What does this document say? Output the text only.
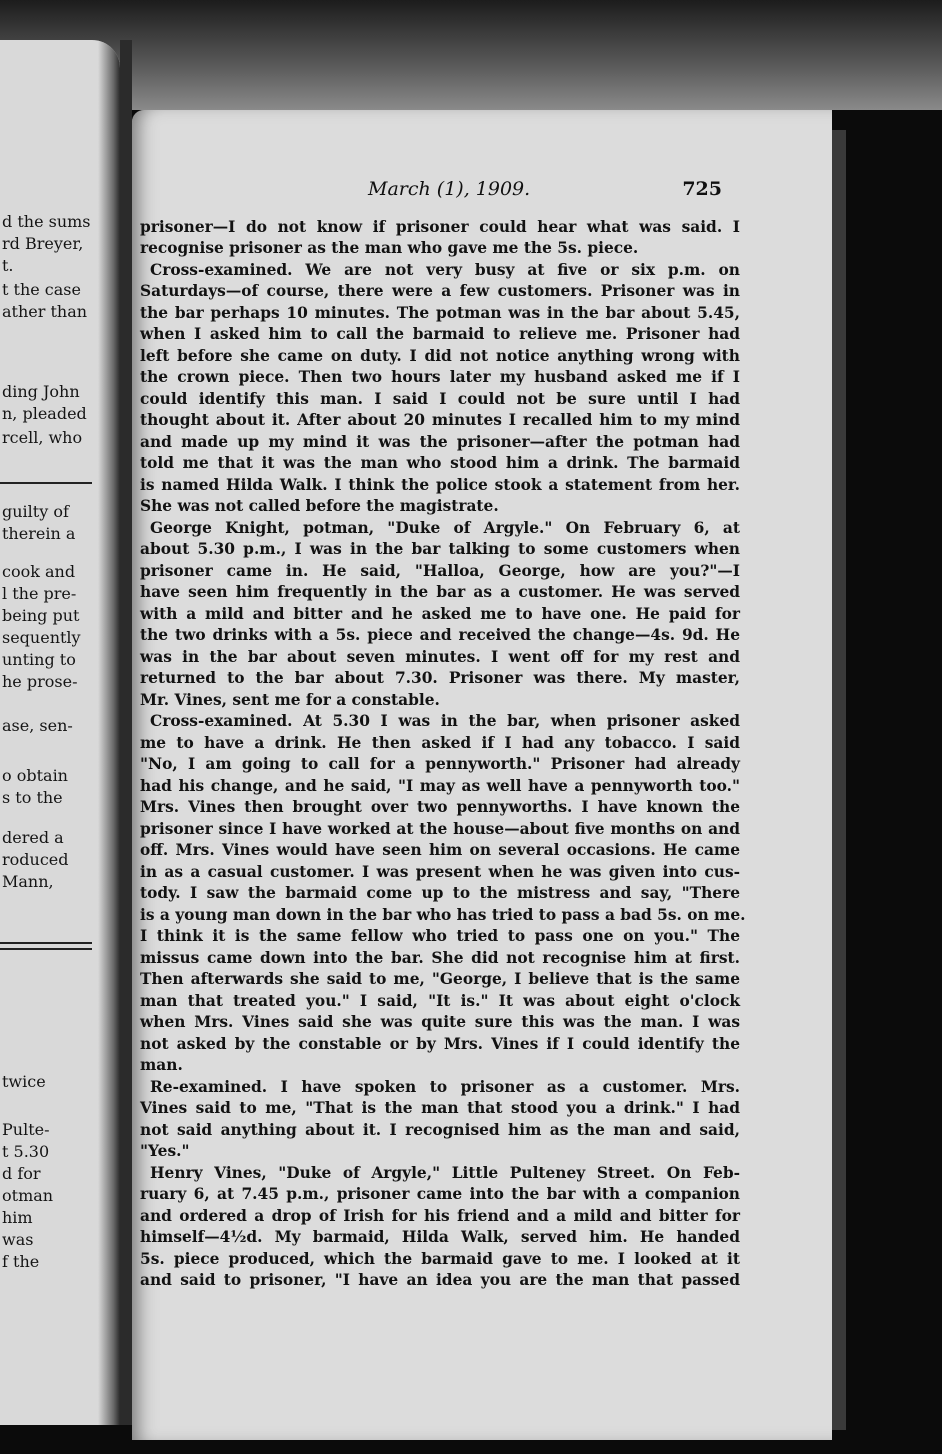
d the sums
rd Breyer,
t.
t the case
ather than
ding John
n, pleaded
rcell, who
guilty of
therein a
cook and
l the pre-
being put
sequently
unting to
he prose-
ase, sen-
o obtain
s to the
dered a
roduced
Mann,
twice
Pulte-
t 5.30
d for
otman
him
was
f the
March (1), 1909.	725
prisoner—I do not know if prisoner could hear what was said. I
recognise prisoner as the man who gave me the 5s. piece.
Cross-examined. We are not very busy at five or six p.m. on
Saturdays—of course, there were a few customers. Prisoner was in
the bar perhaps 10 minutes. The potman was in the bar about 5.45,
when I asked him to call the barmaid to relieve me. Prisoner had
left before she came on duty. I did not notice anything wrong with
the crown piece. Then two hours later my husband asked me if I
could identify this man. I said I could not be sure until I had
thought about it. After about 20 minutes I recalled him to my mind
and made up my mind it was the prisoner—after the potman had
told me that it was the man who stood him a drink. The barmaid
is named Hilda Walk. I think the police stook a statement from her.
She was not called before the magistrate.
George Knight, potman, "Duke of Argyle." On February 6, at
about 5.30 p.m., I was in the bar talking to some customers when
prisoner came in. He said, "Halloa, George, how are you?"—I
have seen him frequently in the bar as a customer. He was served
with a mild and bitter and he asked me to have one. He paid for
the two drinks with a 5s. piece and received the change—4s. 9d. He
was in the bar about seven minutes. I went off for my rest and
returned to the bar about 7.30. Prisoner was there. My master,
Mr. Vines, sent me for a constable.
Cross-examined. At 5.30 I was in the bar, when prisoner asked
me to have a drink. He then asked if I had any tobacco. I said
"No, I am going to call for a pennyworth." Prisoner had already
had his change, and he said, "I may as well have a pennyworth too."
Mrs. Vines then brought over two pennyworths. I have known the
prisoner since I have worked at the house—about five months on and
off. Mrs. Vines would have seen him on several occasions. He came
in as a casual customer. I was present when he was given into cus-
tody. I saw the barmaid come up to the mistress and say, "There
is a young man down in the bar who has tried to pass a bad 5s. on me.
I think it is the same fellow who tried to pass one on you." The
missus came down into the bar. She did not recognise him at first.
Then afterwards she said to me, "George, I believe that is the same
man that treated you." I said, "It is." It was about eight o'clock
when Mrs. Vines said she was quite sure this was the man. I was
not asked by the constable or by Mrs. Vines if I could identify the
man.
Re-examined. I have spoken to prisoner as a customer. Mrs.
Vines said to me, "That is the man that stood you a drink." I had
not said anything about it. I recognised him as the man and said,
"Yes."
Henry Vines, "Duke of Argyle," Little Pulteney Street. On Feb-
ruary 6, at 7.45 p.m., prisoner came into the bar with a companion
and ordered a drop of Irish for his friend and a mild and bitter for
himself—4½d. My barmaid, Hilda Walk, served him. He handed
5s. piece produced, which the barmaid gave to me. I looked at it
and said to prisoner, "I have an idea you are the man that passed
